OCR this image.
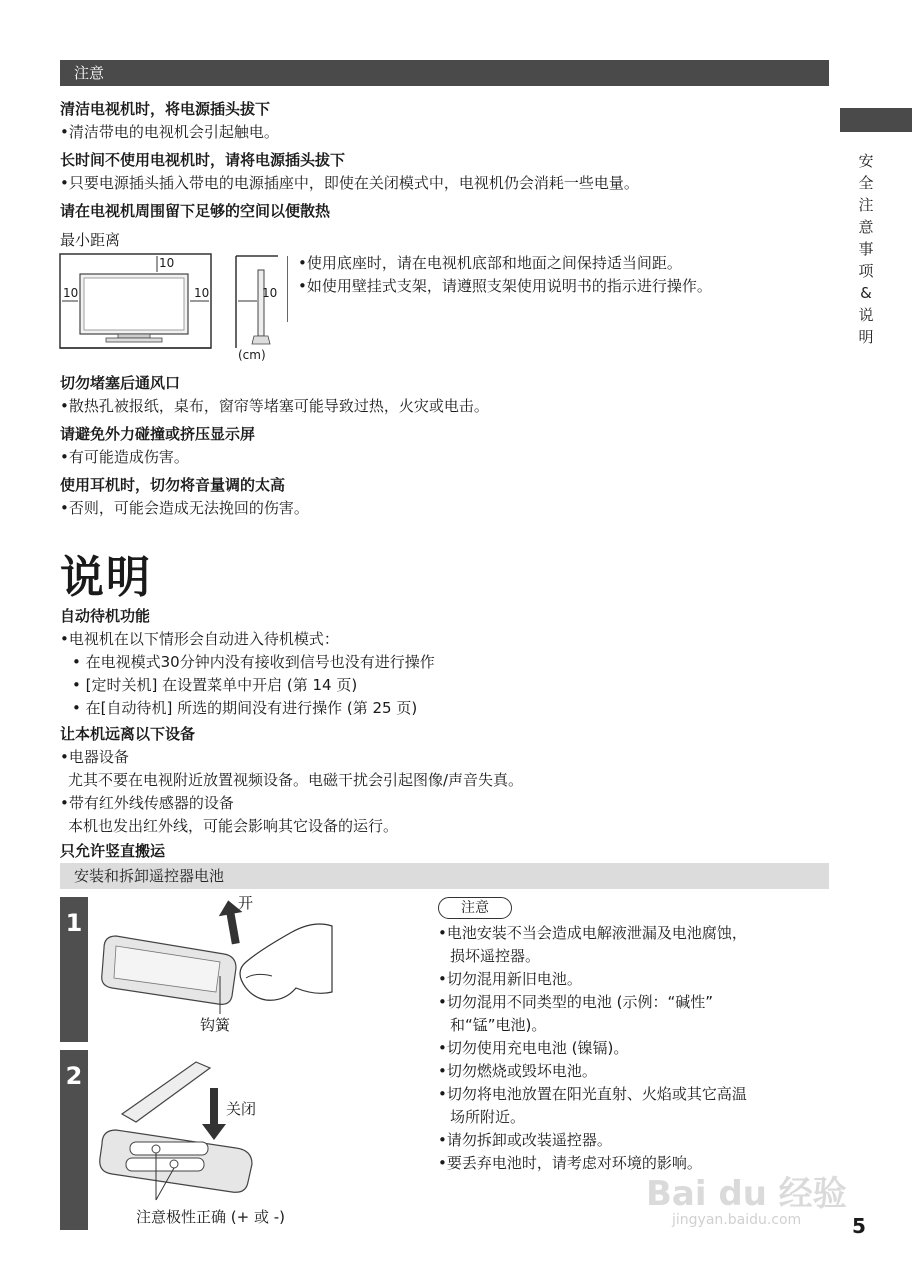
注意
安
全
注
意
事
项
&
说
明
清洁电视机时，将电源插头拔下
•清洁带电的电视机会引起触电。
长时间不使用电视机时，请将电源插头拔下
•只要电源插头插入带电的电源插座中，即使在关闭模式中，电视机仍会消耗一些电量。
请在电视机周围留下足够的空间以便散热
最小距离
10
10	10	10
(cm)
•使用底座时，请在电视机底部和地面之间保持适当间距。
•如使用壁挂式支架，请遵照支架使用说明书的指示进行操作。
切勿堵塞后通风口
•散热孔被报纸，桌布，窗帘等堵塞可能导致过热，火灾或电击。
请避免外力碰撞或挤压显示屏
•有可能造成伤害。
使用耳机时，切勿将音量调的太高
•否则，可能会造成无法挽回的伤害。
说明
自动待机功能
•电视机在以下情形会自动进入待机模式：
• 在电视模式30分钟内没有接收到信号也没有进行操作
• [定时关机] 在设置菜单中开启 (第 14 页)
• 在[自动待机] 所选的期间没有进行操作 (第 25 页)
让本机远离以下设备
•电器设备
尤其不要在电视附近放置视频设备。电磁干扰会引起图像/声音失真。
•带有红外线传感器的设备
本机也发出红外线，可能会影响其它设备的运行。
只允许竖直搬运
安装和拆卸遥控器电池
1
开
钩簧
2
关闭
注意极性正确 (+ 或 -)
注意
•电池安装不当会造成电解液泄漏及电池腐蚀，
损坏遥控器。
•切勿混用新旧电池。
•切勿混用不同类型的电池 (示例：“碱性”
和“锰”电池)。
•切勿使用充电电池 (镍镉)。
•切勿燃烧或毁坏电池。
•切勿将电池放置在阳光直射、火焰或其它高温
场所附近。
•请勿拆卸或改装遥控器。
•要丢弃电池时，请考虑对环境的影响。
Bai du 经验
jingyan.baidu.com	5
